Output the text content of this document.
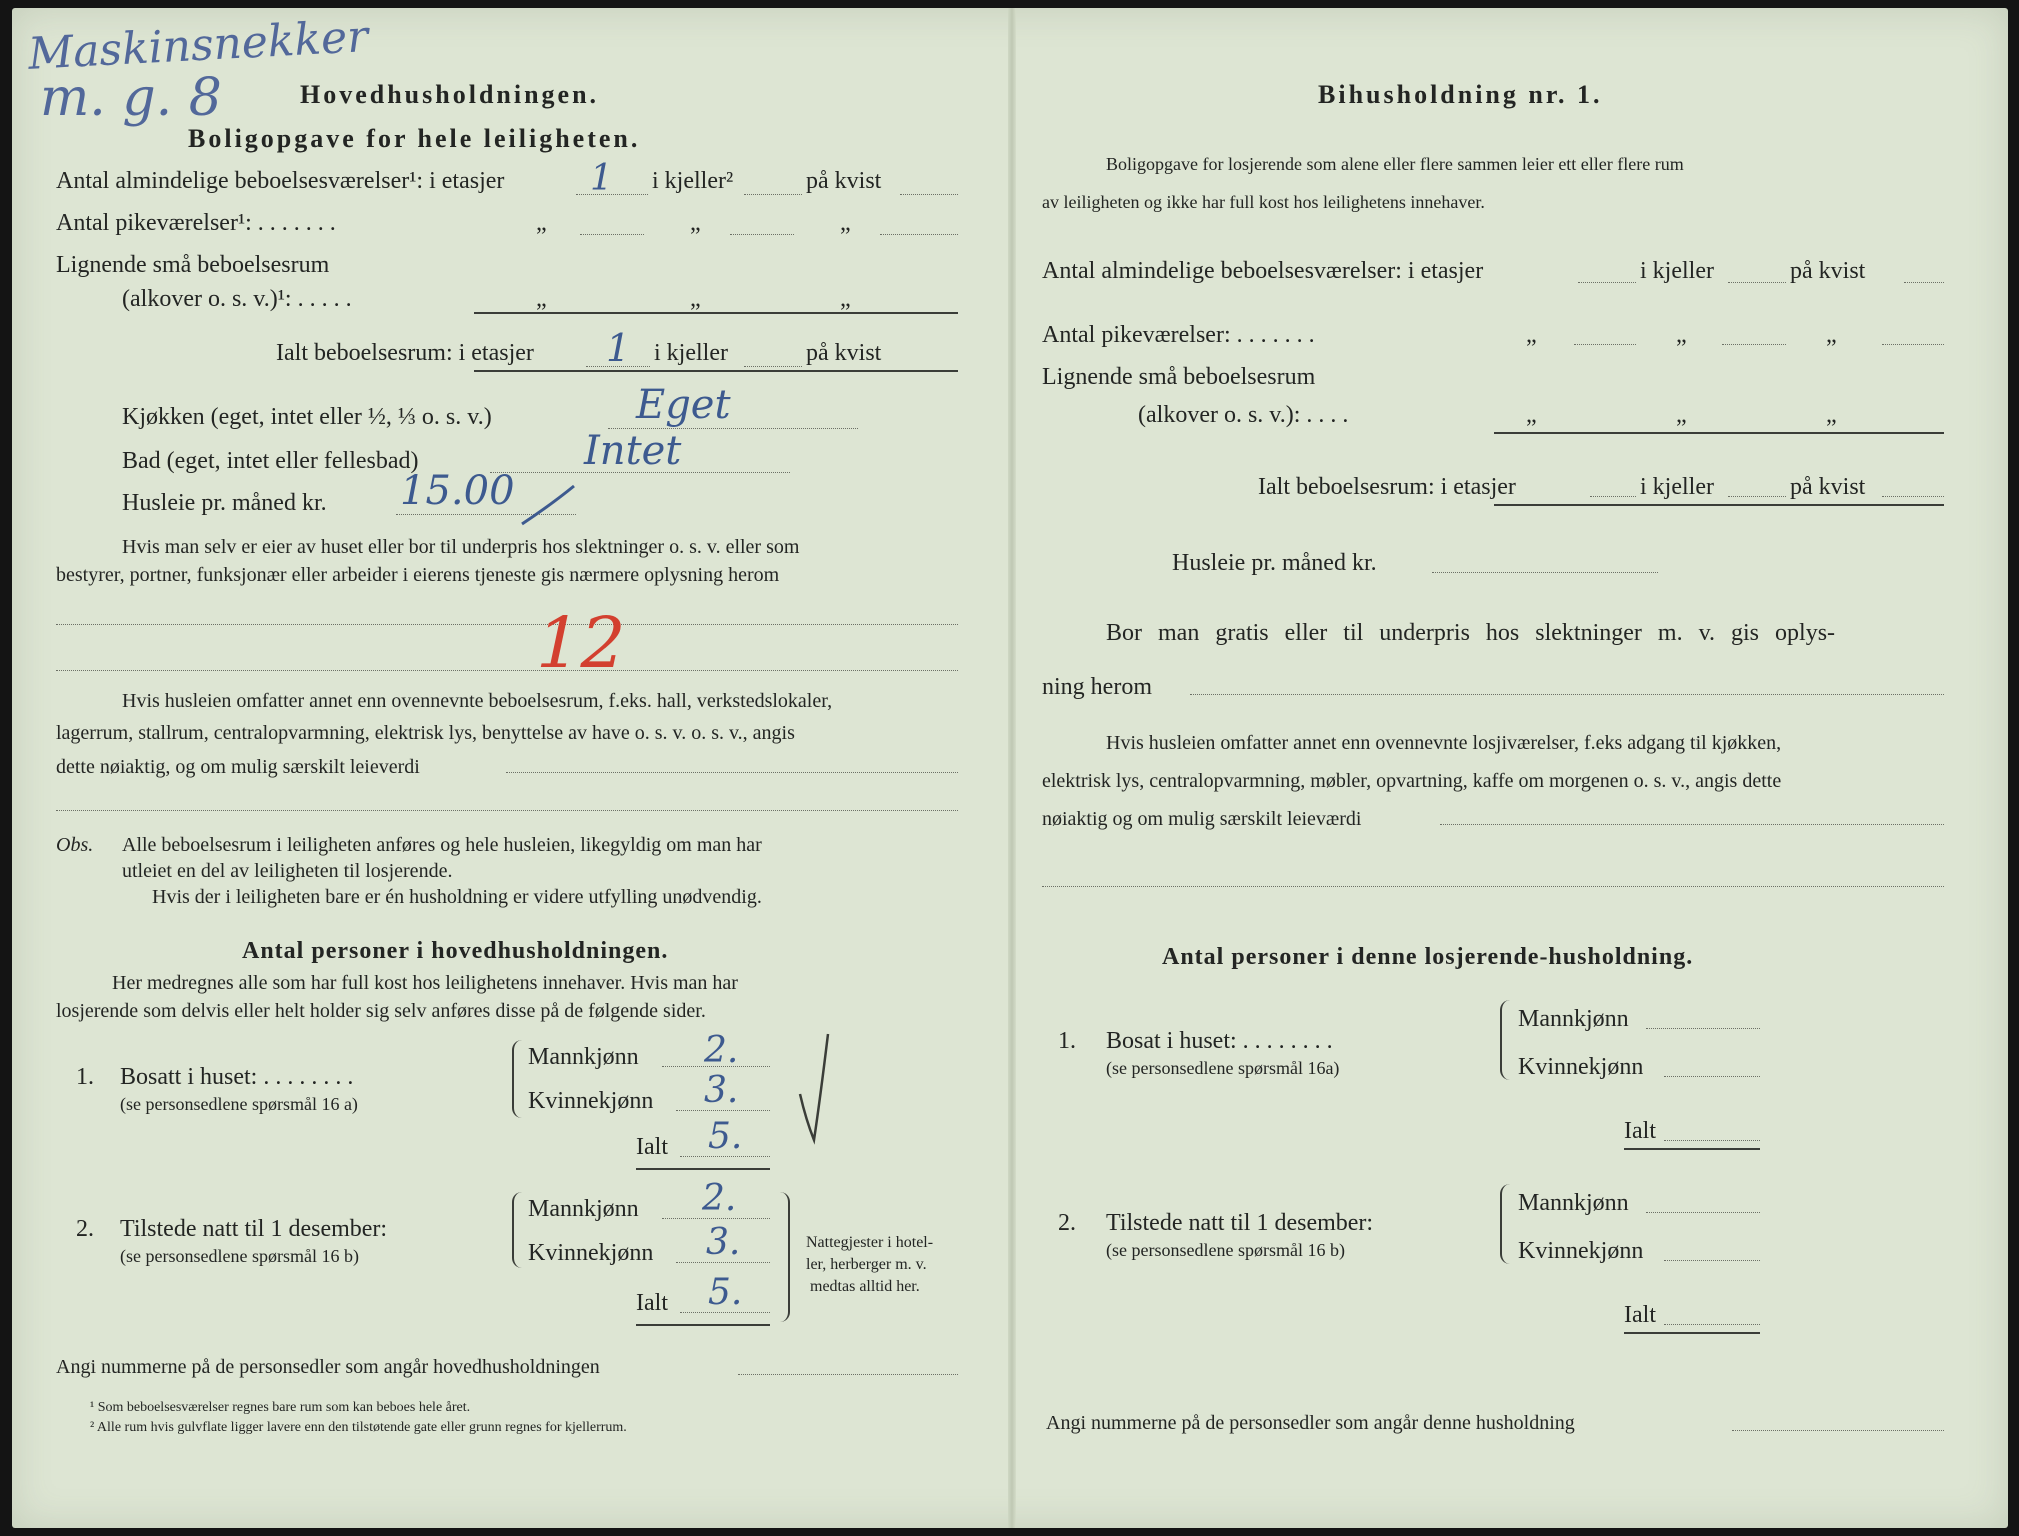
Maskinsnekker
m. g. 8	Hovedhusholdningen.
Boligopgave for hele leiligheten.
Antal almindelige beboelsesværelser¹: i etasjer 1 i kjeller²	på kvist
Antal pikeværelser¹: . . . . . . .	„	„	„
Lignende små beboelsesrum
(alkover o. s. v.)¹: . . . . .	„	„	„
Ialt beboelsesrum: i etasjer 1 i kjeller	på kvist
Kjøkken (eget, intet eller ½, ⅓ o. s. v.)	Eget
Bad (eget, intet eller fellesbad)	Intet
Husleie pr. måned kr. 15.00
Hvis man selv er eier av huset eller bor til underpris hos slektninger o. s. v. eller som
bestyrer, portner, funksjonær eller arbeider i eierens tjeneste gis nærmere oplysning herom
12
Hvis husleien omfatter annet enn ovennevnte beboelsesrum, f.eks. hall, verkstedslokaler,
lagerrum, stallrum, centralopvarmning, elektrisk lys, benyttelse av have o. s. v. o. s. v., angis
dette nøiaktig, og om mulig særskilt leieverdi
Obs. Alle beboelsesrum i leiligheten anføres og hele husleien, likegyldig om man har
utleiet en del av leiligheten til losjerende.
Hvis der i leiligheten bare er én husholdning er videre utfylling unødvendig.
Antal personer i hovedhusholdningen.
Her medregnes alle som har full kost hos leilighetens innehaver. Hvis man har
losjerende som delvis eller helt holder sig selv anføres disse på de følgende sider.
1. Bosatt i huset: . . . . . . . .
(se personsedlene spørsmål 16 a)
Mannkjønn 2.
Kvinnekjønn 3.
Ialt 5.
2. Tilstede natt til 1 desember:
(se personsedlene spørsmål 16 b)
Mannkjønn 2.
Kvinnekjønn 3.
Ialt 5.
Nattegjester i hotel-
ler, herberger m. v.
medtas alltid her.
Angi nummerne på de personsedler som angår hovedhusholdningen
¹ Som beboelsesværelser regnes bare rum som kan beboes hele året.
² Alle rum hvis gulvflate ligger lavere enn den tilstøtende gate eller grunn regnes for kjellerrum.
Bihusholdning nr. 1.
Boligopgave for losjerende som alene eller flere sammen leier ett eller flere rum
av leiligheten og ikke har full kost hos leilighetens innehaver.
Antal almindelige beboelsesværelser: i etasjer	i kjeller	på kvist
Antal pikeværelser: . . . . . . .	„	„	„
Lignende små beboelsesrum
(alkover o. s. v.): . . . .	„	„	„
Ialt beboelsesrum: i etasjer	i kjeller	på kvist
Husleie pr. måned kr.
Bor man gratis eller til underpris hos slektninger m. v. gis oplys-
ning herom
Hvis husleien omfatter annet enn ovennevnte losjiværelser, f.eks adgang til kjøkken,
elektrisk lys, centralopvarmning, møbler, opvartning, kaffe om morgenen o. s. v., angis dette
nøiaktig og om mulig særskilt leieværdi
Antal personer i denne losjerende-husholdning.
1. Bosat i huset: . . . . . . . .
(se personsedlene spørsmål 16a)
Mannkjønn
Kvinnekjønn
Ialt
2. Tilstede natt til 1 desember:
(se personsedlene spørsmål 16 b)
Mannkjønn
Kvinnekjønn
Ialt
Angi nummerne på de personsedler som angår denne husholdning
